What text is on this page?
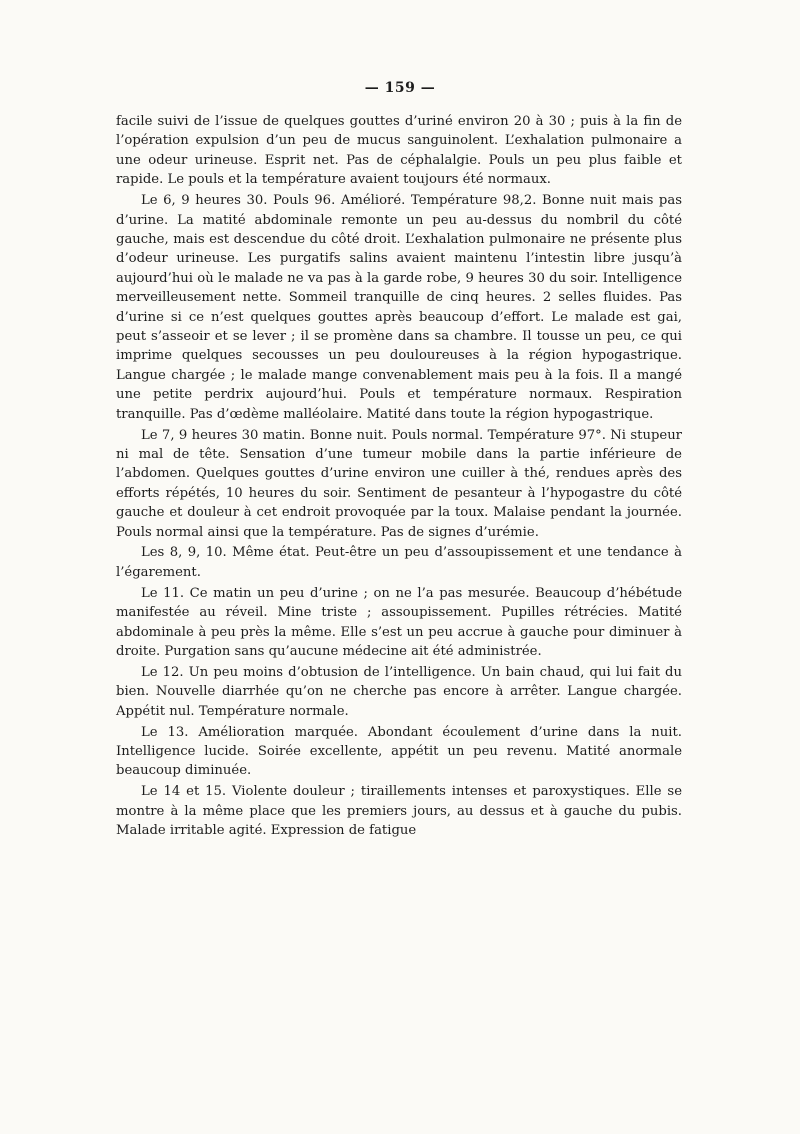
— 159 —

facile suivi de l’issue de quelques gouttes d’uriné environ 20 à 30 ; puis à la fin de l’opération expulsion d’un peu de mucus sanguinolent. L’exhalation pulmonaire a une odeur urineuse. Esprit net. Pas de céphalalgie. Pouls un peu plus faible et rapide. Le pouls et la température avaient toujours été normaux.

Le 6, 9 heures 30. Pouls 96. Amélioré. Température 98,2. Bonne nuit mais pas d’urine. La matité abdominale remonte un peu au-dessus du nombril du côté gauche, mais est descendue du côté droit. L’exhalation pulmonaire ne présente plus d’odeur urineuse. Les purgatifs salins avaient maintenu l’intestin libre jusqu’à aujourd’hui où le malade ne va pas à la garde robe, 9 heures 30 du soir. Intelligence merveilleusement nette. Sommeil tranquille de cinq heures. 2 selles fluides. Pas d’urine si ce n’est quelques gouttes après beaucoup d’effort. Le malade est gai, peut s’asseoir et se lever ; il se promène dans sa chambre. Il tousse un peu, ce qui imprime quelques secousses un peu douloureuses à la région hypogastrique. Langue chargée ; le malade mange convenablement mais peu à la fois. Il a mangé une petite perdrix aujourd’hui. Pouls et température normaux. Respiration tranquille. Pas d’œdème malléolaire. Matité dans toute la région hypogastrique.

Le 7, 9 heures 30 matin. Bonne nuit. Pouls normal. Température 97°. Ni stupeur ni mal de tête. Sensation d’une tumeur mobile dans la partie inférieure de l’abdomen. Quelques gouttes d’urine environ une cuiller à thé, rendues après des efforts répétés, 10 heures du soir. Sentiment de pesanteur à l’hypogastre du côté gauche et douleur à cet endroit provoquée par la toux. Malaise pendant la journée. Pouls normal ainsi que la température. Pas de signes d’urémie.

Les 8, 9, 10. Même état. Peut-être un peu d’assoupissement et une tendance à l’égarement.

Le 11. Ce matin un peu d’urine ; on ne l’a pas mesurée. Beaucoup d’hébétude manifestée au réveil. Mine triste ; assoupissement. Pupilles rétrécies. Matité abdominale à peu près la même. Elle s’est un peu accrue à gauche pour diminuer à droite. Purgation sans qu’aucune médecine ait été administrée.

Le 12. Un peu moins d’obtusion de l’intelligence. Un bain chaud, qui lui fait du bien. Nouvelle diarrhée qu’on ne cherche pas encore à arrêter. Langue chargée. Appétit nul. Température normale.

Le 13. Amélioration marquée. Abondant écoulement d’urine dans la nuit. Intelligence lucide. Soirée excellente, appétit un peu revenu. Matité anormale beaucoup diminuée.

Le 14 et 15. Violente douleur ; tiraillements intenses et paroxystiques. Elle se montre à la même place que les premiers jours, au dessus et à gauche du pubis. Malade irritable agité. Expression de fatigue
